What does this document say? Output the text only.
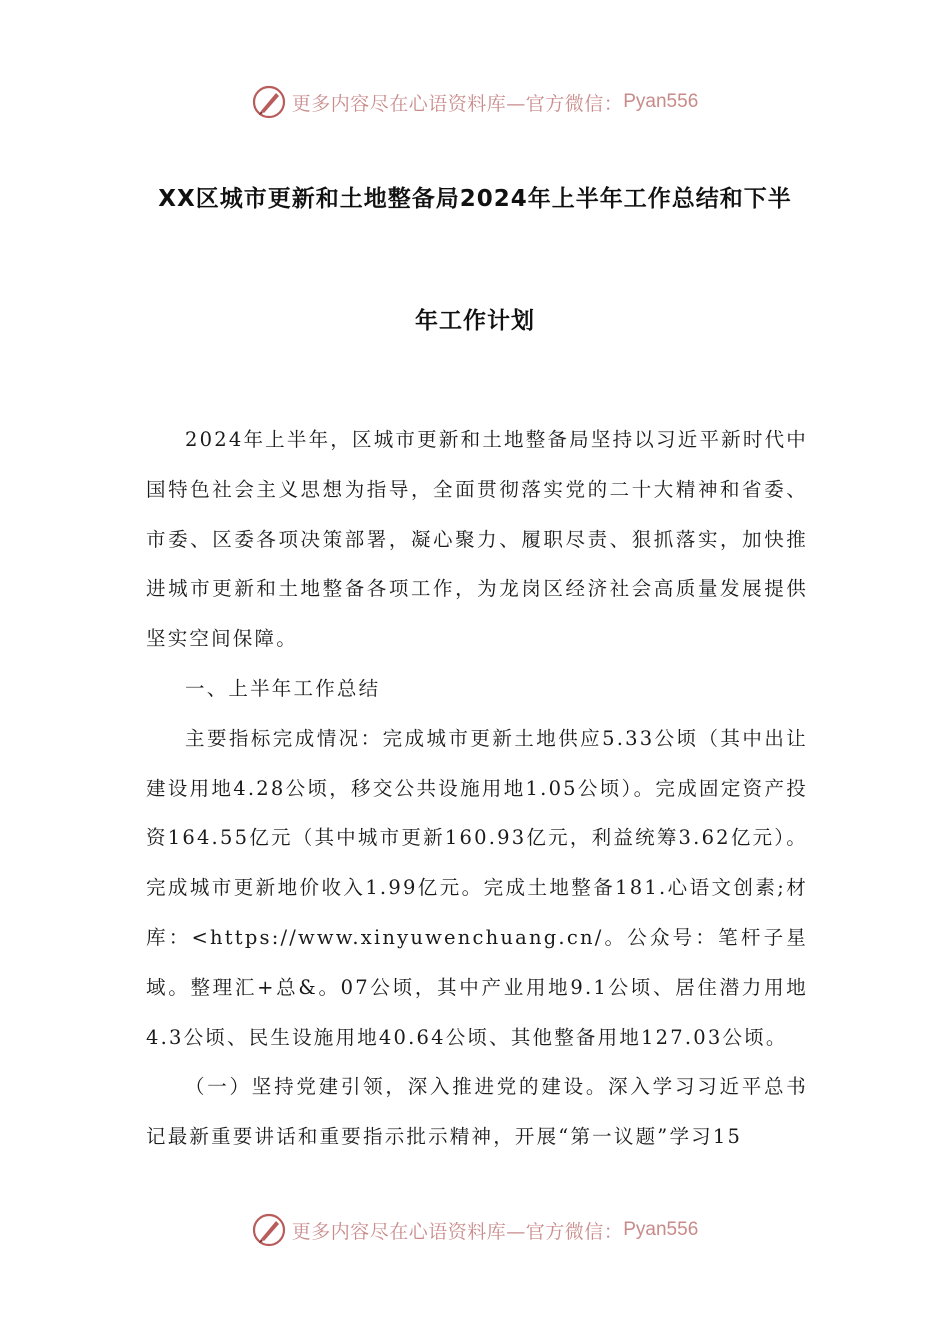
更多内容尽在心语资料库—官方微信： Pyan556
XX区城市更新和土地整备局2024年上半年工作总结和下半
年工作计划

2024年上半年，区城市更新和土地整备局坚持以习近平新时代中国特色社会主义思想为指导，全面贯彻落实党的二十大精神和省委、市委、区委各项决策部署，凝心聚力、履职尽责、狠抓落实，加快推进城市更新和土地整备各项工作，为龙岗区经济社会高质量发展提供坚实空间保障。

一、上半年工作总结

主要指标完成情况：完成城市更新土地供应5.33公顷（其中出让建设用地4.28公顷，移交公共设施用地1.05公顷）。完成固定资产投资164.55亿元（其中城市更新160.93亿元，利益统筹3.62亿元）。完成城市更新地价收入1.99亿元。完成土地整备181.心语文创素;材库：<https://www.xinyuwenchuang.cn/。公众号：笔杆子星域。整理汇+总&。07公顷，其中产业用地9.1公顷、居住潜力用地4.3公顷、民生设施用地40.64公顷、其他整备用地127.03公顷。

（一）坚持党建引领，深入推进党的建设。深入学习习近平总书记最新重要讲话和重要指示批示精神，开展“第一议题”学习15

更多内容尽在心语资料库—官方微信： Pyan556
